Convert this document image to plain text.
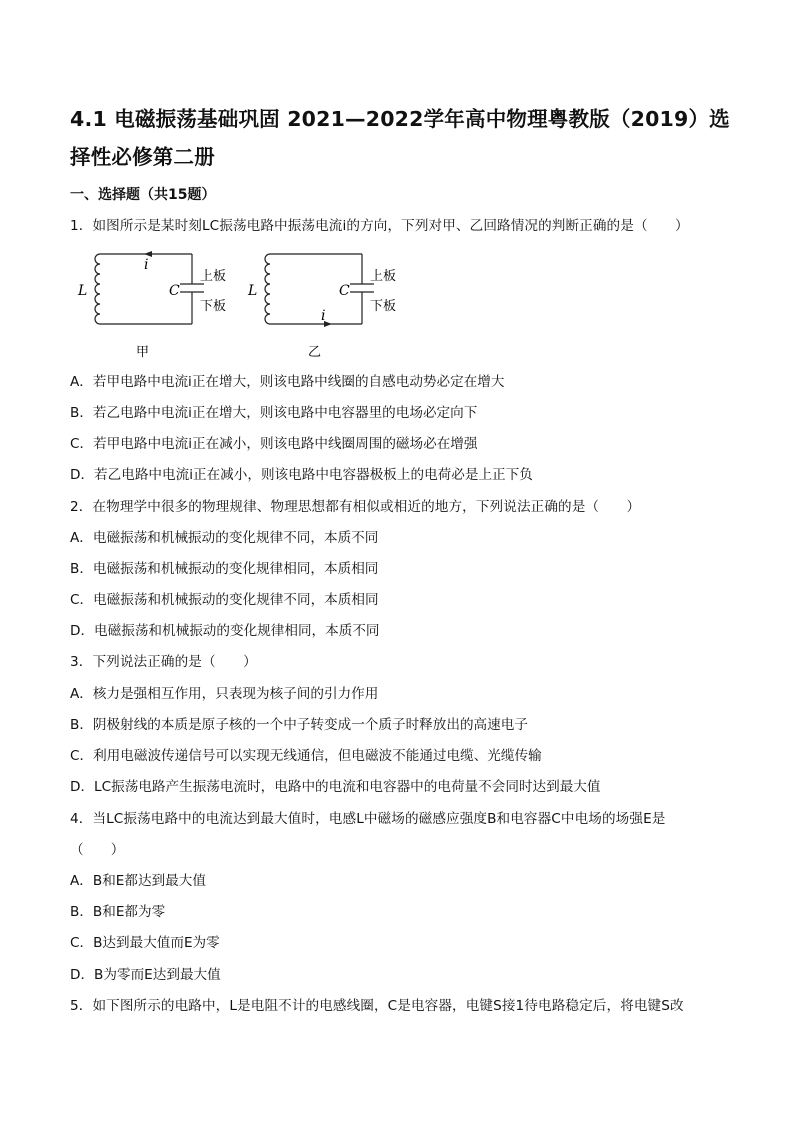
4.1 电磁振荡基础巩固 2021—2022学年高中物理粤教版（2019）选择性必修第二册
一、选择题（共15题）
1．如图所示是某时刻LC振荡电路中振荡电流i的方向，下列对甲、乙回路情况的判断正确的是（　　）
i
L	C
上板
下板
甲
i
L	C
上板
下板
乙
A．若甲电路中电流i正在增大，则该电路中线圈的自感电动势必定在增大
B．若乙电路中电流i正在增大，则该电路中电容器里的电场必定向下
C．若甲电路中电流i正在减小，则该电路中线圈周围的磁场必在增强
D．若乙电路中电流i正在减小，则该电路中电容器极板上的电荷必是上正下负
2．在物理学中很多的物理规律、物理思想都有相似或相近的地方，下列说法正确的是（　　）
A．电磁振荡和机械振动的变化规律不同，本质不同
B．电磁振荡和机械振动的变化规律相同，本质相同
C．电磁振荡和机械振动的变化规律不同，本质相同
D．电磁振荡和机械振动的变化规律相同，本质不同
3．下列说法正确的是（　　）
A．核力是强相互作用，只表现为核子间的引力作用
B．阴极射线的本质是原子核的一个中子转变成一个质子时释放出的高速电子
C．利用电磁波传递信号可以实现无线通信，但电磁波不能通过电缆、光缆传输
D．LC振荡电路产生振荡电流时，电路中的电流和电容器中的电荷量不会同时达到最大值
4．当LC振荡电路中的电流达到最大值时，电感L中磁场的磁感应强度B和电容器C中电场的场强E是
（　　）
A．B和E都达到最大值
B．B和E都为零
C．B达到最大值而E为零
D．B为零而E达到最大值
5．如下图所示的电路中，L是电阻不计的电感线圈，C是电容器，电键S接1待电路稳定后，将电键S改
